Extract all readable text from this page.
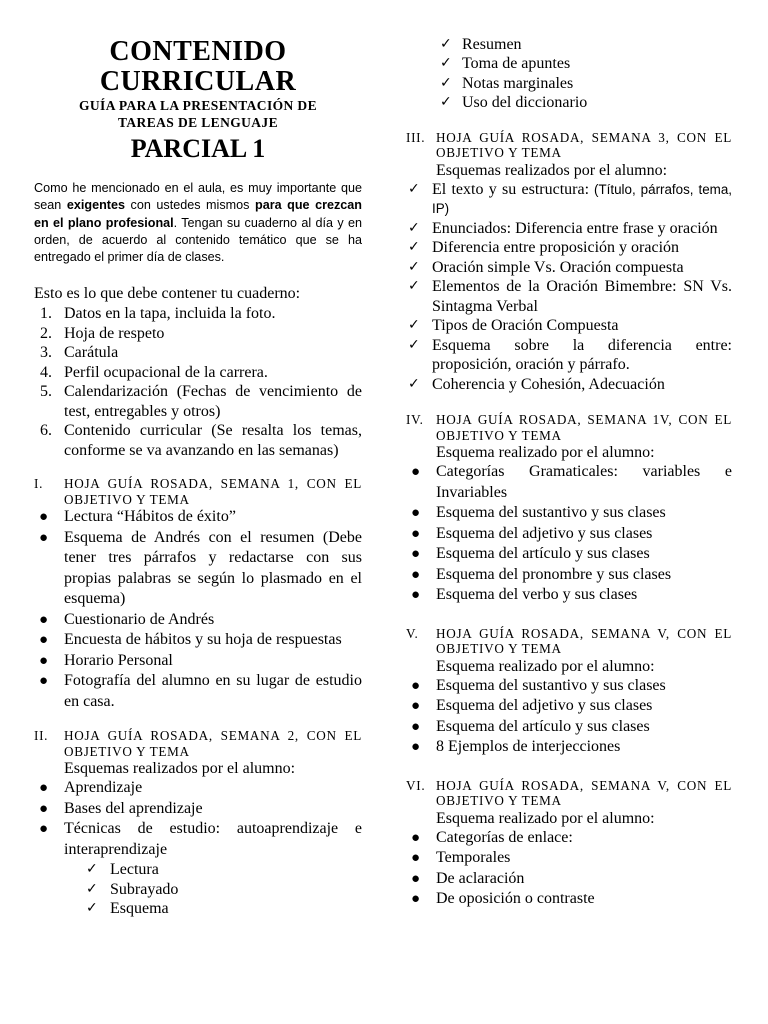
CONTENIDO
CURRICULAR
GUÍA PARA LA PRESENTACIÓN DE
TAREAS DE LENGUAJE
PARCIAL 1
Como he mencionado en el aula, es muy importante que sean exigentes con ustedes mismos para que crezcan en el plano profesional. Tengan su cuaderno al día y en orden, de acuerdo al contenido temático que se ha entregado el primer día de clases.
Esto es lo que debe contener tu cuaderno:
1. Datos en la tapa, incluida la foto.
2. Hoja de respeto
3. Carátula
4. Perfil ocupacional de la carrera.
5. Calendarización (Fechas de vencimiento de test, entregables y otros)
6. Contenido curricular (Se resalta los temas, conforme se va avanzando en las semanas)
I. HOJA GUÍA ROSADA, SEMANA 1, CON EL OBJETIVO Y TEMA
● Lectura “Hábitos de éxito”
● Esquema de Andrés con el resumen (Debe tener tres párrafos y redactarse con sus propias palabras se según lo plasmado en el esquema)
● Cuestionario de Andrés
● Encuesta de hábitos y su hoja de respuestas
● Horario Personal
● Fotografía del alumno en su lugar de estudio en casa.
II. HOJA GUÍA ROSADA, SEMANA 2, CON EL OBJETIVO Y TEMA
Esquemas realizados por el alumno:
● Aprendizaje
● Bases del aprendizaje
● Técnicas de estudio: autoaprendizaje e interaprendizaje
✓ Lectura
✓ Subrayado
✓ Esquema
✓ Resumen
✓ Toma de apuntes
✓ Notas marginales
✓ Uso del diccionario
III. HOJA GUÍA ROSADA, SEMANA 3, CON EL OBJETIVO Y TEMA
Esquemas realizados por el alumno:
✓ El texto y su estructura: (Título, párrafos, tema, IP)
✓ Enunciados: Diferencia entre frase y oración
✓ Diferencia entre proposición y oración
✓ Oración simple Vs. Oración compuesta
✓ Elementos de la Oración Bimembre: SN Vs. Sintagma Verbal
✓ Tipos de Oración Compuesta
✓ Esquema sobre la diferencia entre: proposición, oración y párrafo.
✓ Coherencia y Cohesión, Adecuación
IV. HOJA GUÍA ROSADA, SEMANA 1V, CON EL OBJETIVO Y TEMA
Esquema realizado por el alumno:
● Categorías Gramaticales: variables e Invariables
● Esquema del sustantivo y sus clases
● Esquema del adjetivo y sus clases
● Esquema del artículo y sus clases
● Esquema del pronombre y sus clases
● Esquema del verbo y sus clases
V. HOJA GUÍA ROSADA, SEMANA V, CON EL OBJETIVO Y TEMA
Esquema realizado por el alumno:
● Esquema del sustantivo y sus clases
● Esquema del adjetivo y sus clases
● Esquema del artículo y sus clases
● 8 Ejemplos de interjecciones
VI. HOJA GUÍA ROSADA, SEMANA V, CON EL OBJETIVO Y TEMA
Esquema realizado por el alumno:
● Categorías de enlace:
● Temporales
● De aclaración
● De oposición o contraste
